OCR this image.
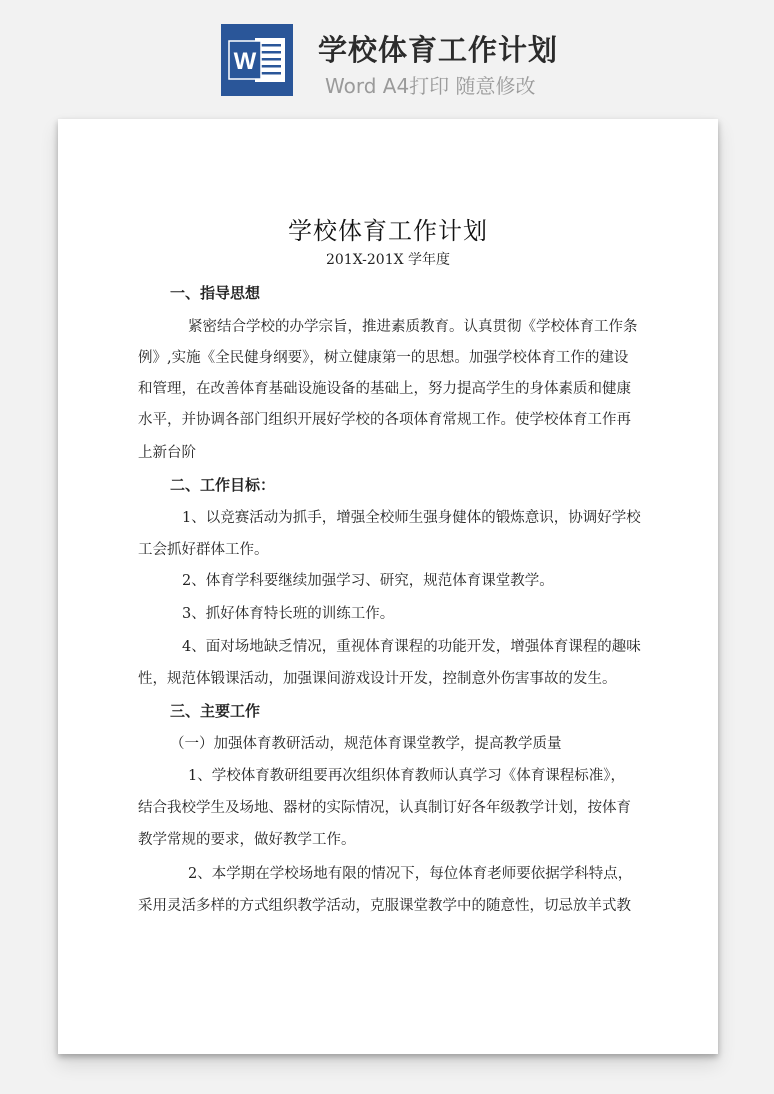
W 学校体育工作计划
Word A4打印 随意修改
学校体育工作计划
201X-201X 学年度
一、指导思想
紧密结合学校的办学宗旨，推进素质教育。认真贯彻《学校体育工作条
例》,实施《全民健身纲要》，树立健康第一的思想。加强学校体育工作的建设
和管理，在改善体育基础设施设备的基础上，努力提高学生的身体素质和健康
水平，并协调各部门组织开展好学校的各项体育常规工作。使学校体育工作再
上新台阶
二、工作目标：
1、以竞赛活动为抓手，增强全校师生强身健体的锻炼意识，协调好学校
工会抓好群体工作。
2、体育学科要继续加强学习、研究，规范体育课堂教学。
3、抓好体育特长班的训练工作。
4、面对场地缺乏情况，重视体育课程的功能开发，增强体育课程的趣味
性，规范体锻课活动，加强课间游戏设计开发，控制意外伤害事故的发生。
三、主要工作
（一）加强体育教研活动，规范体育课堂教学，提高教学质量
1、学校体育教研组要再次组织体育教师认真学习《体育课程标准》，
结合我校学生及场地、器材的实际情况，认真制订好各年级教学计划，按体育
教学常规的要求，做好教学工作。
2、本学期在学校场地有限的情况下，每位体育老师要依据学科特点，
采用灵活多样的方式组织教学活动，克服课堂教学中的随意性，切忌放羊式教
